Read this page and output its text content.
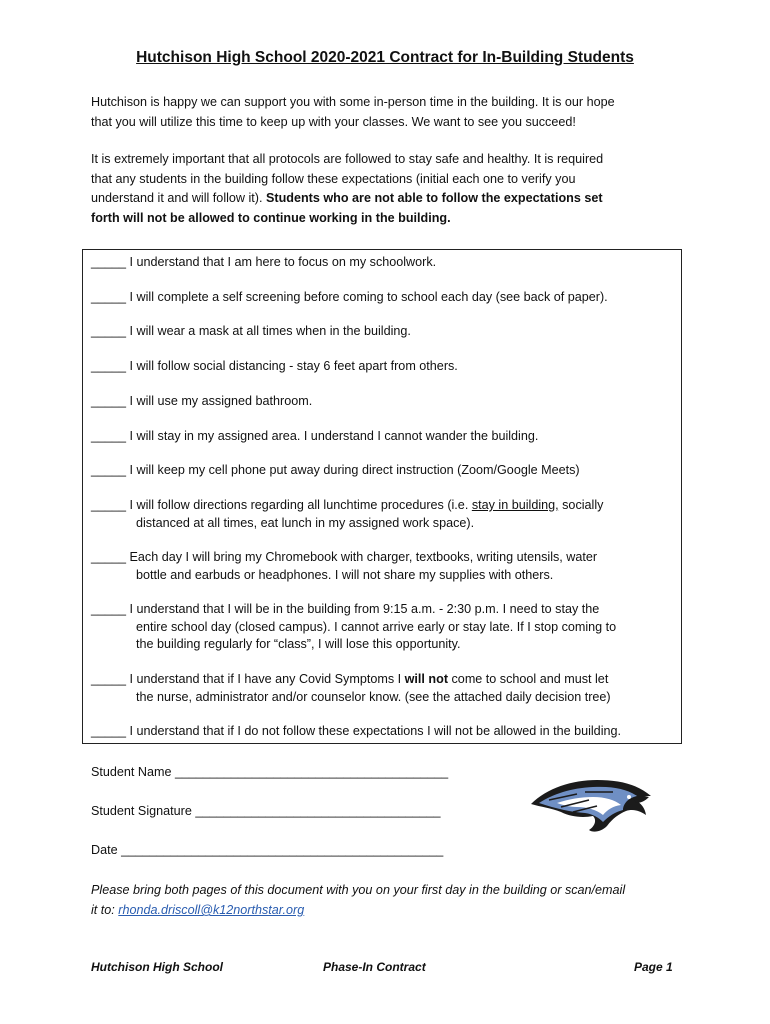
Hutchison High School 2020-2021 Contract for In-Building Students
Hutchison is happy we can support you with some in-person time in the building. It is our hope
that you will utilize this time to keep up with your classes. We want to see you succeed!
It is extremely important that all protocols are followed to stay safe and healthy. It is required
that any students in the building follow these expectations (initial each one to verify you
understand it and will follow it). Students who are not able to follow the expectations set
forth will not be allowed to continue working in the building.
_____ I understand that I am here to focus on my schoolwork.
_____ I will complete a self screening before coming to school each day (see back of paper).
_____ I will wear a mask at all times when in the building.
_____ I will follow social distancing - stay 6 feet apart from others.
_____ I will use my assigned bathroom.
_____ I will stay in my assigned area. I understand I cannot wander the building.
_____ I will keep my cell phone put away during direct instruction (Zoom/Google Meets)
_____ I will follow directions regarding all lunchtime procedures (i.e. stay in building, socially
distanced at all times, eat lunch in my assigned work space).
_____ Each day I will bring my Chromebook with charger, textbooks, writing utensils, water
bottle and earbuds or headphones. I will not share my supplies with others.
_____ I understand that I will be in the building from 9:15 a.m. - 2:30 p.m. I need to stay the
entire school day (closed campus). I cannot arrive early or stay late. If I stop coming to
the building regularly for “class”, I will lose this opportunity.
_____ I understand that if I have any Covid Symptoms I will not come to school and must let
the nurse, administrator and/or counselor know. (see the attached daily decision tree)
_____ I understand that if I do not follow these expectations I will not be allowed in the building.
Student Name _______________________________________
Student Signature ___________________________________
Date ______________________________________________
Please bring both pages of this document with you on your first day in the building or scan/email
it to: rhonda.driscoll@k12northstar.org
Hutchison High School	Phase-In Contract	Page 1
